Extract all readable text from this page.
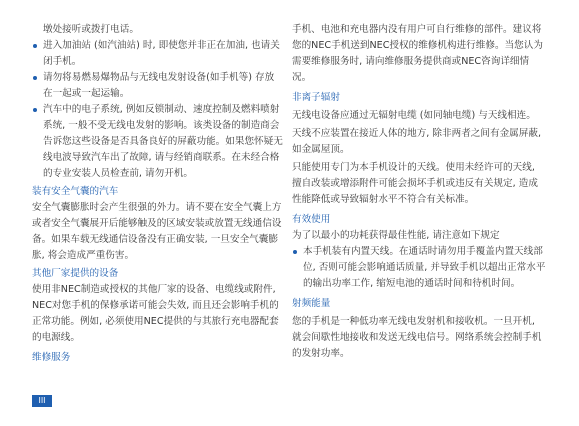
墩处接听或拨打电话。

进入加油站 (如汽油站) 时, 即使您并非正在加油, 也请关闭手机。
请勿将易燃易爆物品与无线电发射设备(如手机等) 存放在一起或一起运输。
汽车中的电子系统, 例如反锁制动、速度控制及燃料喷射系统, 一般不受无线电发射的影响。该类设备的制造商会告诉您这些设备是否具备良好的屏蔽功能。如果您怀疑无线电波导致汽车出了故障, 请与经销商联系。在未经合格的专业安装人员检查前, 请勿开机。

装有安全气囊的汽车

安全气囊膨胀时会产生很强的外力。请不要在安全气囊上方或者安全气囊展开后能够触及的区域安装或放置无线通信设备。如果车载无线通信设备没有正确安装, 一旦安全气囊膨胀, 将会造成严重伤害。

其他厂家提供的设备

使用非NEC制造或授权的其他厂家的设备、电缆线或附件, NEC对您手机的保修承诺可能会失效, 而且还会影响手机的正常功能。例如, 必须使用NEC提供的与其旅行充电器配套的电源线。

维修服务

手机、电池和充电器内没有用户可自行维修的部件。建议将您的NEC手机送到NEC授权的维修机构进行维修。当您认为需要维修服务时, 请向维修服务提供商或NEC咨询详细情况。

非离子辐射

无线电设备应通过无辐射电缆 (如同轴电缆) 与天线相连。

天线不应装置在接近人体的地方, 除非两者之间有金属屏蔽, 如金属屋顶。

只能使用专门为本手机设计的天线。使用未经许可的天线, 擅自改装或增添附件可能会损坏手机或违反有关规定, 造成性能降低或导致辐射水平不符合有关标准。

有效使用

为了以最小的功耗获得最佳性能, 请注意如下规定

本手机装有内置天线。在通话时请勿用手覆盖内置天线部位, 否则可能会影响通话质量, 并导致手机以超出正常水平的输出功率工作, 缩短电池的通话时间和待机时间。

射频能量

您的手机是一种低功率无线电发射机和接收机。一旦开机, 就会间歇性地接收和发送无线电信号。网络系统会控制手机的发射功率。

III
